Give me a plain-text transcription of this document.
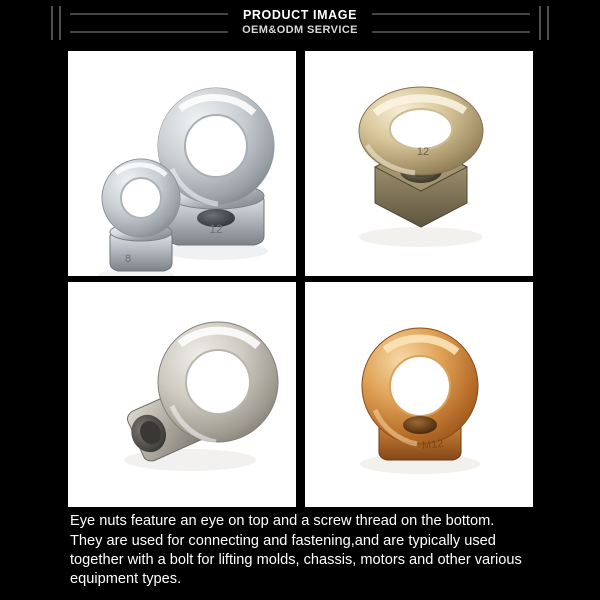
PRODUCT IMAGE
OEM&ODM SERVICE
12
8
12
M12

Eye nuts feature an eye on top and a screw thread on the bottom. They are used for connecting and fastening,and are typically used together with a bolt for lifting molds, chassis, motors and other various equipment types.
